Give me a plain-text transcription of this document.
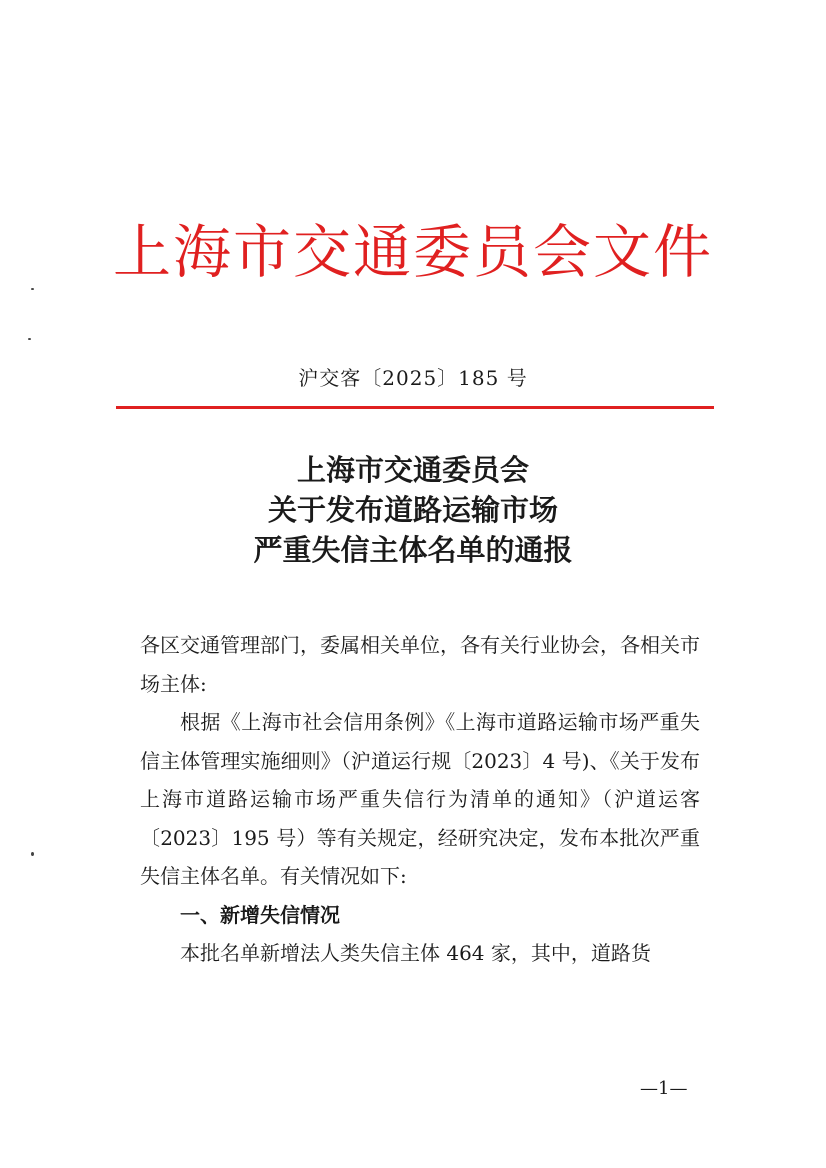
上海市交通委员会文件
沪交客〔2025〕185 号
上海市交通委员会
关于发布道路运输市场
严重失信主体名单的通报

各区交通管理部门，委属相关单位，各有关行业协会，各相关市场主体:

根据《上海市社会信用条例》《上海市道路运输市场严重失信主体管理实施细则》（沪道运行规〔2023〕4 号)、《关于发布上海市道路运输市场严重失信行为清单的通知》（沪道运客〔2023〕195 号）等有关规定，经研究决定，发布本批次严重失信主体名单。有关情况如下:

一、新增失信情况

本批名单新增法人类失信主体 464 家，其中，道路货

—1—
